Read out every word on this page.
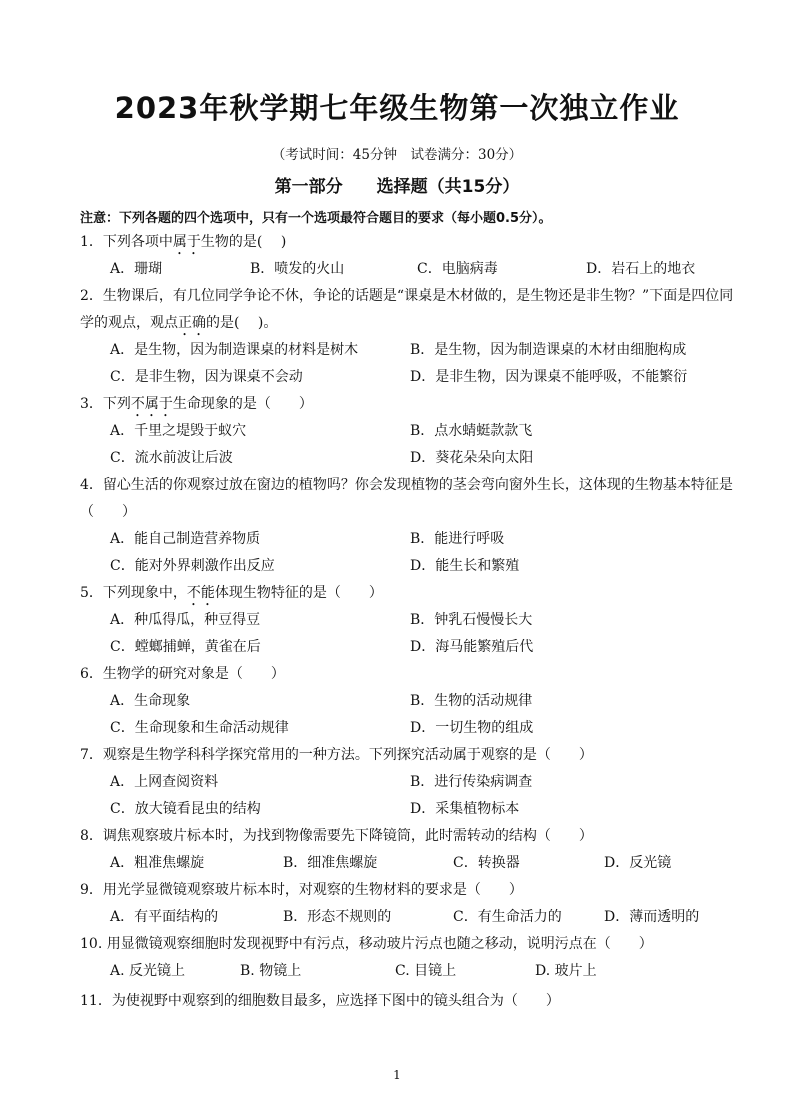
2023年秋学期七年级生物第一次独立作业
（考试时间：45分钟　试卷满分：30分）
第一部分 选择题（共15分）
注意：下列各题的四个选项中，只有一个选项最符合题目的要求（每小题0.5分）。
1．下列各项中属于生物的是(　 )
A．珊瑚	B．喷发的火山	C．电脑病毒	D．岩石上的地衣
2．生物课后，有几位同学争论不休，争论的话题是“课桌是木材做的，是生物还是非生物？”下面是四位同学的观点，观点正确的是(　 )。
A．是生物，因为制造课桌的材料是树木	B．是生物，因为制造课桌的木材由细胞构成
C．是非生物，因为课桌不会动	D．是非生物，因为课桌不能呼吸，不能繁衍
3．下列不属于生命现象的是（　　）
A．千里之堤毁于蚁穴	B．点水蜻蜓款款飞
C．流水前波让后波	D．葵花朵朵向太阳
4．留心生活的你观察过放在窗边的植物吗？你会发现植物的茎会弯向窗外生长，这体现的生物基本特征是（　　）
A．能自己制造营养物质	B．能进行呼吸
C．能对外界刺激作出反应	D．能生长和繁殖
5．下列现象中，不能体现生物特征的是（　　）
A．种瓜得瓜，种豆得豆	B．钟乳石慢慢长大
C．螳螂捕蝉，黄雀在后	D．海马能繁殖后代
6．生物学的研究对象是（　　）
A．生命现象	B．生物的活动规律
C．生命现象和生命活动规律	D．一切生物的组成
7．观察是生物学科科学探究常用的一种方法。下列探究活动属于观察的是（　　）
A．上网查阅资料	B．进行传染病调查
C．放大镜看昆虫的结构	D．采集植物标本
8．调焦观察玻片标本时，为找到物像需要先下降镜筒，此时需转动的结构（　　）
A．粗准焦螺旋	B．细准焦螺旋	C．转换器	D．反光镜
9．用光学显微镜观察玻片标本时，对观察的生物材料的要求是（　　）
A．有平面结构的	B．形态不规则的	C．有生命活力的	D．薄而透明的
10. 用显微镜观察细胞时发现视野中有污点，移动玻片污点也随之移动，说明污点在（　　）
A. 反光镜上	B. 物镜上	C. 目镜上	D. 玻片上
11．为使视野中观察到的细胞数目最多，应选择下图中的镜头组合为（　　）
1
